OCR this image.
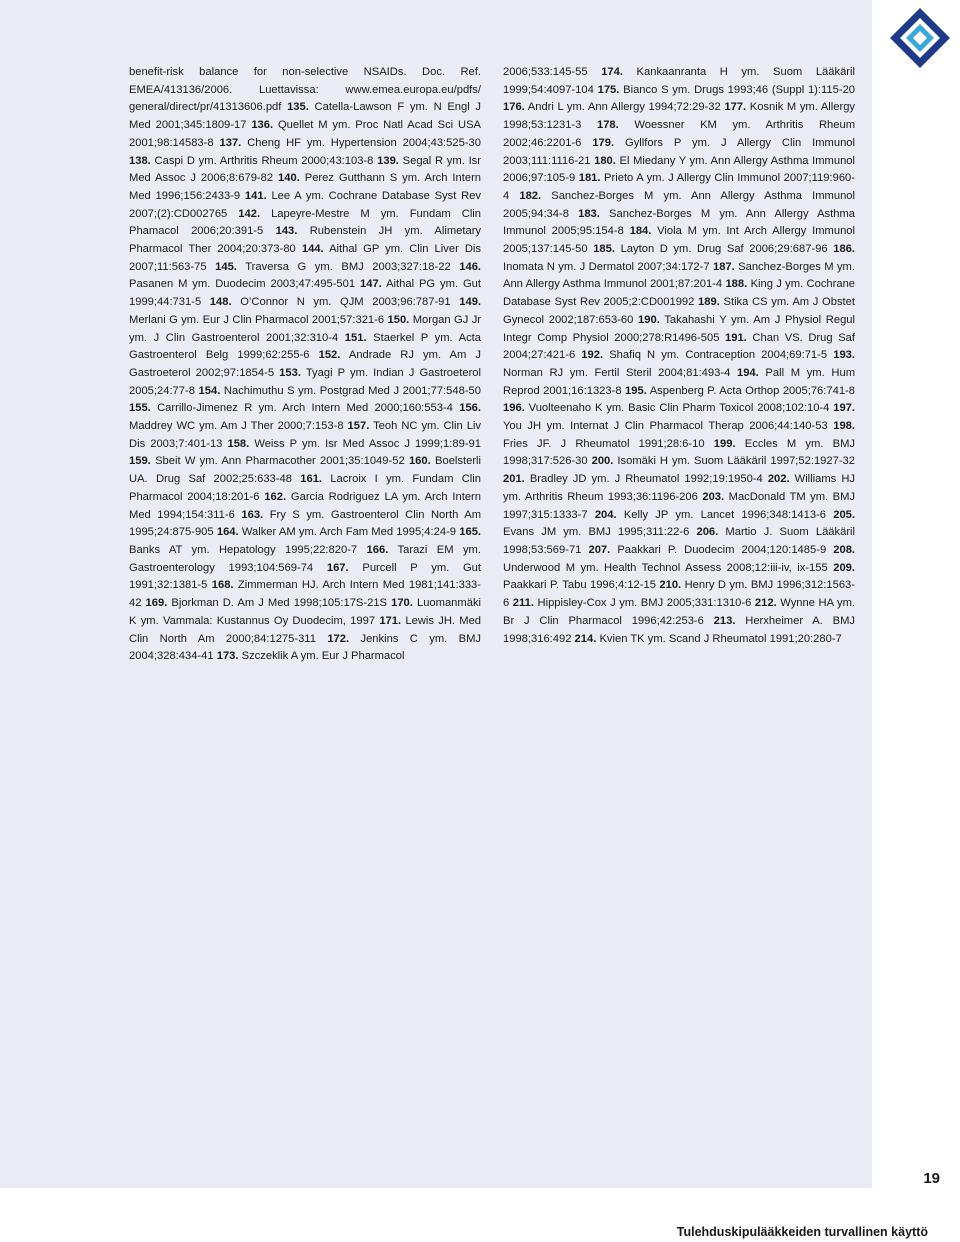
benefit-risk balance for non-selective NSAIDs. Doc. Ref. EMEA/413136/2006. Luettavissa: www.emea.europa.eu/pdfs/ general/direct/pr/41313606.pdf 135. Catella-Lawson F ym. N Engl J Med 2001;345:1809-17 136. Quellet M ym. Proc Natl Acad Sci USA 2001;98:14583-8 137. Cheng HF ym. Hypertension 2004;43:525-30 138. Caspi D ym. Arthritis Rheum 2000;43:103-8 139. Segal R ym. Isr Med Assoc J 2006;8:679-82 140. Perez Gutthann S ym. Arch Intern Med 1996;156:2433-9 141. Lee A ym. Cochrane Database Syst Rev 2007;(2):CD002765 142. Lapeyre-Mestre M ym. Fundam Clin Phamacol 2006;20:391-5 143. Rubenstein JH ym. Alimetary Pharmacol Ther 2004;20:373-80 144. Aithal GP ym. Clin Liver Dis 2007;11:563-75 145. Traversa G ym. BMJ 2003;327:18-22 146. Pasanen M ym. Duodecim 2003;47:495-501 147. Aithal PG ym. Gut 1999;44:731-5 148. O’Connor N ym. QJM 2003;96:787-91 149. Merlani G ym. Eur J Clin Pharmacol 2001;57:321-6 150. Morgan GJ Jr ym. J Clin Gastroenterol 2001;32:310-4 151. Staerkel P ym. Acta Gastroenterol Belg 1999;62:255-6 152. Andrade RJ ym. Am J Gastroeterol 2002;97:1854-5 153. Tyagi P ym. Indian J Gastroeterol 2005;24:77-8 154. Nachimuthu S ym. Postgrad Med J 2001;77:548-50 155. Carrillo-Jimenez R ym. Arch Intern Med 2000;160:553-4 156. Maddrey WC ym. Am J Ther 2000;7:153-8 157. Teoh NC ym. Clin Liv Dis 2003;7:401-13 158. Weiss P ym. Isr Med Assoc J 1999;1:89-91 159. Sbeit W ym. Ann Pharmacother 2001;35:1049-52 160. Boelsterli UA. Drug Saf 2002;25:633-48 161. Lacroix I ym. Fundam Clin Pharmacol 2004;18:201-6 162. Garcia Rodriguez LA ym. Arch Intern Med 1994;154:311-6 163. Fry S ym. Gastroenterol Clin North Am 1995;24:875-905 164. Walker AM ym. Arch Fam Med 1995;4:24-9 165. Banks AT ym. Hepatology 1995;22:820-7 166. Tarazi EM ym. Gastroenterology 1993;104:569-74 167. Purcell P ym. Gut 1991;32:1381-5 168. Zimmerman HJ. Arch Intern Med 1981;141:333-42 169. Bjorkman D. Am J Med 1998;105:17S-21S 170. Luomanmäki K ym. Vammala: Kustannus Oy Duodecim, 1997 171. Lewis JH. Med Clin North Am 2000;84:1275-311 172. Jenkins C ym. BMJ 2004;328:434-41 173. Szczeklik A ym. Eur J Pharmacol
2006;533:145-55 174. Kankaanranta H ym. Suom Lääkäril 1999;54:4097-104 175. Bianco S ym. Drugs 1993;46 (Suppl 1):115-20 176. Andri L ym. Ann Allergy 1994;72:29-32 177. Kosnik M ym. Allergy 1998;53:1231-3 178. Woessner KM ym. Arthritis Rheum 2002;46:2201-6 179. Gyllfors P ym. J Allergy Clin Immunol 2003;111:1116-21 180. El Miedany Y ym. Ann Allergy Asthma Immunol 2006;97:105-9 181. Prieto A ym. J Allergy Clin Immunol 2007;119:960-4 182. Sanchez-Borges M ym. Ann Allergy Asthma Immunol 2005;94:34-8 183. Sanchez-Borges M ym. Ann Allergy Asthma Immunol 2005;95:154-8 184. Viola M ym. Int Arch Allergy Immunol 2005;137:145-50 185. Layton D ym. Drug Saf 2006;29:687-96 186. Inomata N ym. J Dermatol 2007;34:172-7 187. Sanchez-Borges M ym. Ann Allergy Asthma Immunol 2001;87:201-4 188. King J ym. Cochrane Database Syst Rev 2005;2:CD001992 189. Stika CS ym. Am J Obstet Gynecol 2002;187:653-60 190. Takahashi Y ym. Am J Physiol Regul Integr Comp Physiol 2000;278:R1496-505 191. Chan VS. Drug Saf 2004;27:421-6 192. Shafiq N ym. Contraception 2004;69:71-5 193. Norman RJ ym. Fertil Steril 2004;81:493-4 194. Pall M ym. Hum Reprod 2001;16:1323-8 195. Aspenberg P. Acta Orthop 2005;76:741-8 196. Vuolteenaho K ym. Basic Clin Pharm Toxicol 2008;102:10-4 197. You JH ym. Internat J Clin Pharmacol Therap 2006;44:140-53 198. Fries JF. J Rheumatol 1991;28:6-10 199. Eccles M ym. BMJ 1998;317:526-30 200. Isomäki H ym. Suom Lääkäril 1997;52:1927-32 201. Bradley JD ym. J Rheumatol 1992;19:1950-4 202. Williams HJ ym. Arthritis Rheum 1993;36:1196-206 203. MacDonald TM ym. BMJ 1997;315:1333-7 204. Kelly JP ym. Lancet 1996;348:1413-6 205. Evans JM ym. BMJ 1995;311:22-6 206. Martio J. Suom Lääkäril 1998;53:569-71 207. Paakkari P. Duodecim 2004;120:1485-9 208. Underwood M ym. Health Technol Assess 2008;12:iii-iv, ix-155 209. Paakkari P. Tabu 1996;4:12-15 210. Henry D ym. BMJ 1996;312:1563-6 211. Hippisley-Cox J ym. BMJ 2005;331:1310-6 212. Wynne HA ym. Br J Clin Pharmacol 1996;42:253-6 213. Herxheimer A. BMJ 1998;316:492 214. Kvien TK ym. Scand J Rheumatol 1991;20:280-7
19
Tulehduskipulääkkeiden turvallinen käyttö
